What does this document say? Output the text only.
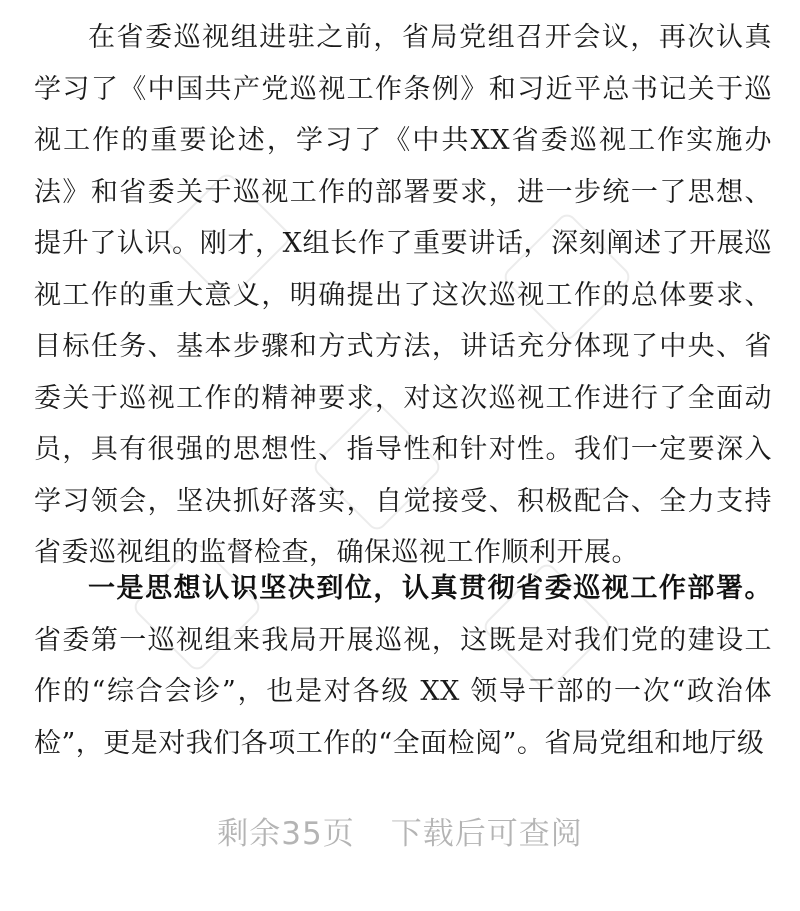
在省委巡视组进驻之前，省局党组召开会议，再次认真学习了《中国共产党巡视工作条例》和习近平总书记关于巡视工作的重要论述，学习了《中共XX省委巡视工作实施办法》和省委关于巡视工作的部署要求，进一步统一了思想、提升了认识。刚才，X组长作了重要讲话，深刻阐述了开展巡视工作的重大意义，明确提出了这次巡视工作的总体要求、目标任务、基本步骤和方式方法，讲话充分体现了中央、省委关于巡视工作的精神要求，对这次巡视工作进行了全面动员，具有很强的思想性、指导性和针对性。我们一定要深入学习领会，坚决抓好落实，自觉接受、积极配合、全力支持省委巡视组的监督检查，确保巡视工作顺利开展。

一是思想认识坚决到位，认真贯彻省委巡视工作部署。省委第一巡视组来我局开展巡视，这既是对我们党的建设工作的“综合会诊”，也是对各级 XX 领导干部的一次“政治体检”，更是对我们各项工作的“全面检阅”。省局党组和地厅级

剩余35页 下载后可查阅
